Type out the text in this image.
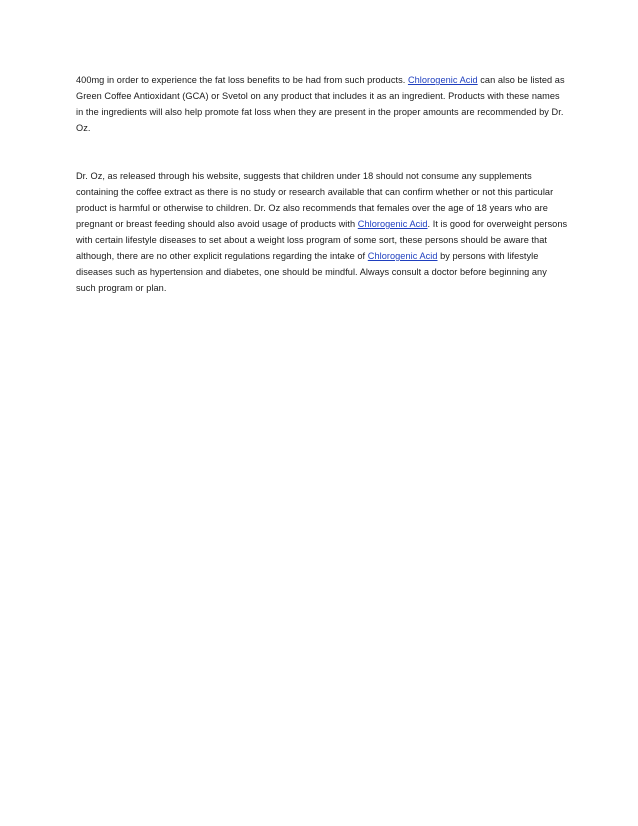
400mg in order to experience the fat loss benefits to be had from such products. Chlorogenic Acid can also be listed as Green Coffee Antioxidant (GCA) or Svetol on any product that includes it as an ingredient. Products with these names in the ingredients will also help promote fat loss when they are present in the proper amounts are recommended by Dr. Oz.

Dr. Oz, as released through his website, suggests that children under 18 should not consume any supplements containing the coffee extract as there is no study or research available that can confirm whether or not this particular product is harmful or otherwise to children. Dr. Oz also recommends that females over the age of 18 years who are pregnant or breast feeding should also avoid usage of products with Chlorogenic Acid. It is good for overweight persons with certain lifestyle diseases to set about a weight loss program of some sort, these persons should be aware that although, there are no other explicit regulations regarding the intake of Chlorogenic Acid by persons with lifestyle diseases such as hypertension and diabetes, one should be mindful. Always consult a doctor before beginning any such program or plan.
